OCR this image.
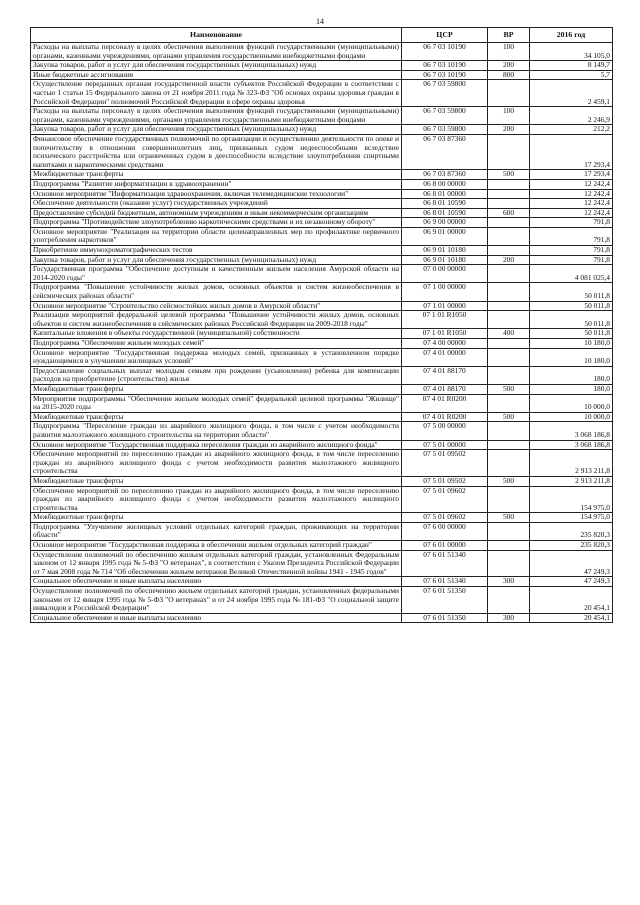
14
Наименование	ЦСР	ВР	2016 год
Расходы на выплаты персоналу в целях обеспечения выполнения функций государственными (муниципальными) органами, казенными учреждениями, органами управления государственными внебюджетными фондами	06 7 03 10190	100	34 105,0
Закупка товаров, работ и услуг для обеспечения государственных (муниципальных) нужд	06 7 03 10190	200	8 149,7
Иные бюджетные ассигнования	06 7 03 10190	800	5,7
Осуществление переданных органам государственной власти субъектов Российской Федерации в соответствии с частью 1 статьи 15 Федерального закона от 21 ноября 2011 года № 323-ФЗ "Об основах охраны здоровья граждан в Российской Федерации" полномочий Российской Федерации в сфере охраны здоровья	06 7 03 59800		2 459,1
Расходы на выплаты персоналу в целях обеспечения выполнения функций государственными (муниципальными) органами, казенными учреждениями, органами управления государственными внебюджетными фондами	06 7 03 59800	100	2 246,9
Закупка товаров, работ и услуг для обеспечения государственных (муниципальных) нужд	06 7 03 59800	200	212,2
Финансовое обеспечение государственных полномочий по организации и осуществлению деятельности по опеке и попечительству в отношении совершеннолетних лиц, признанных судом недееспособными вследствие психического расстройства или ограниченных судом в дееспособности вследствие злоупотребления спиртными напитками и наркотическими средствами	06 7 03 87360		17 293,4
Межбюджетные трансферты	06 7 03 87360	500	17 293,4
Подпрограмма "Развитие информатизации в здравоохранении"	06 8 00 00000		12 242,4
Основное мероприятие "Информатизация здравоохранения, включая телемедицинские технологии"	06 8 01 00000		12 242,4
Обеспечение деятельности (оказание услуг) государственных учреждений	06 8 01 10590		12 242,4
Предоставление субсидий бюджетным, автономным учреждениям и иным некоммерческим организациям	06 8 01 10590	600	12 242,4
Подпрограмма "Противодействие злоупотреблению наркотическими средствами и их незаконному обороту"	06 9 00 00000		791,8
Основное мероприятие "Реализация на территории области целенаправленных мер по профилактике первичного употребления наркотиков"	06 9 01 00000		791,8
Приобретение иммунохроматографических тестов	06 9 01 10180		791,8
Закупка товаров, работ и услуг для обеспечения государственных (муниципальных) нужд	06 9 01 10180	200	791,8
Государственная программа "Обеспечение доступным и качественным жильем населения Амурской области на 2014-2020 годы"	07 0 00 00000		4 081 025,4
Подпрограмма "Повышение устойчивости жилых домов, основных объектов и систем жизнеобеспечения в сейсмических районах области"	07 1 00 00000		50 011,8
Основное мероприятие "Строительство сейсмостойких жилых домов в Амурской области"	07 1 01 00000		50 011,8
Реализация мероприятий федеральной целевой программы "Повышение устойчивости жилых домов, основных объектов и систем жизнеобеспечения в сейсмических районах Российской Федерации на 2009-2018 годы"	07 1 01 R1050		50 011,8
Капитальные вложения в объекты государственной (муниципальной) собственности	07 1 01 R1050	400	50 011,8
Подпрограмма "Обеспечение жильем молодых семей"	07 4 00 00000		10 180,0
Основное мероприятие "Государственная поддержка молодых семей, признанных в установленном порядке нуждающимися в улучшении жилищных условий"	07 4 01 00000		10 180,0
Предоставление социальных выплат молодым семьям при рождении (усыновлении) ребенка для компенсации расходов на приобретение (строительство) жилья	07 4 01 88170		180,0
Межбюджетные трансферты	07 4 01 88170	500	180,0
Мероприятия подпрограммы "Обеспечение жильем молодых семей" федеральной целевой программы "Жилище" на 2015-2020 годы	07 4 01 R0200		10 000,0
Межбюджетные трансферты	07 4 01 R0200	500	10 000,0
Подпрограмма "Переселение граждан из аварийного жилищного фонда, в том числе с учетом необходимости развития малоэтажного жилищного строительства на территории области"	07 5 00 00000		3 068 186,8
Основное мероприятие "Государственная поддержка переселения граждан из аварийного жилищного фонда"	07 5 01 00000		3 068 186,8
Обеспечение мероприятий по переселению граждан из аварийного жилищного фонда, в том числе переселению граждан из аварийного жилищного фонда с учетом необходимости развития малоэтажного жилищного строительства	07 5 01 09502		2 913 211,8
Межбюджетные трансферты	07 5 01 09502	500	2 913 211,8
Обеспечение мероприятий по переселению граждан из аварийного жилищного фонда, в том числе переселению граждан из аварийного жилищного фонда с учетом необходимости развития малоэтажного жилищного строительства	07 5 01 09602		154 975,0
Межбюджетные трансферты	07 5 01 09602	500	154 975,0
Подпрограмма "Улучшение жилищных условий отдельных категорий граждан, проживающих на территории области"	07 6 00 00000		235 820,3
Основное мероприятие "Государственная поддержка в обеспечении жильем отдельных категорий граждан"	07 6 01 00000		235 820,3
Осуществление полномочий по обеспечению жильем отдельных категорий граждан, установленных Федеральным законом от 12 января 1995 года № 5-ФЗ "О ветеранах", в соответствии с Указом Президента Российской Федерации от 7 мая 2008 года № 714 "Об обеспечении жильем ветеранов Великой Отечественной войны 1941 - 1945 годов"	07 6 01 51340		47 249,3
Социальное обеспечение и иные выплаты населению	07 6 01 51340	300	47 249,3
Осуществление полномочий по обеспечению жильем отдельных категорий граждан, установленных федеральными законами от 12 января 1995 года № 5-ФЗ "О ветеранах" и от 24 ноября 1995 года № 181-ФЗ "О социальной защите инвалидов в Российской Федерации"	07 6 01 51350		20 454,1
Социальное обеспечение и иные выплаты населению	07 6 01 51350	300	20 454,1
